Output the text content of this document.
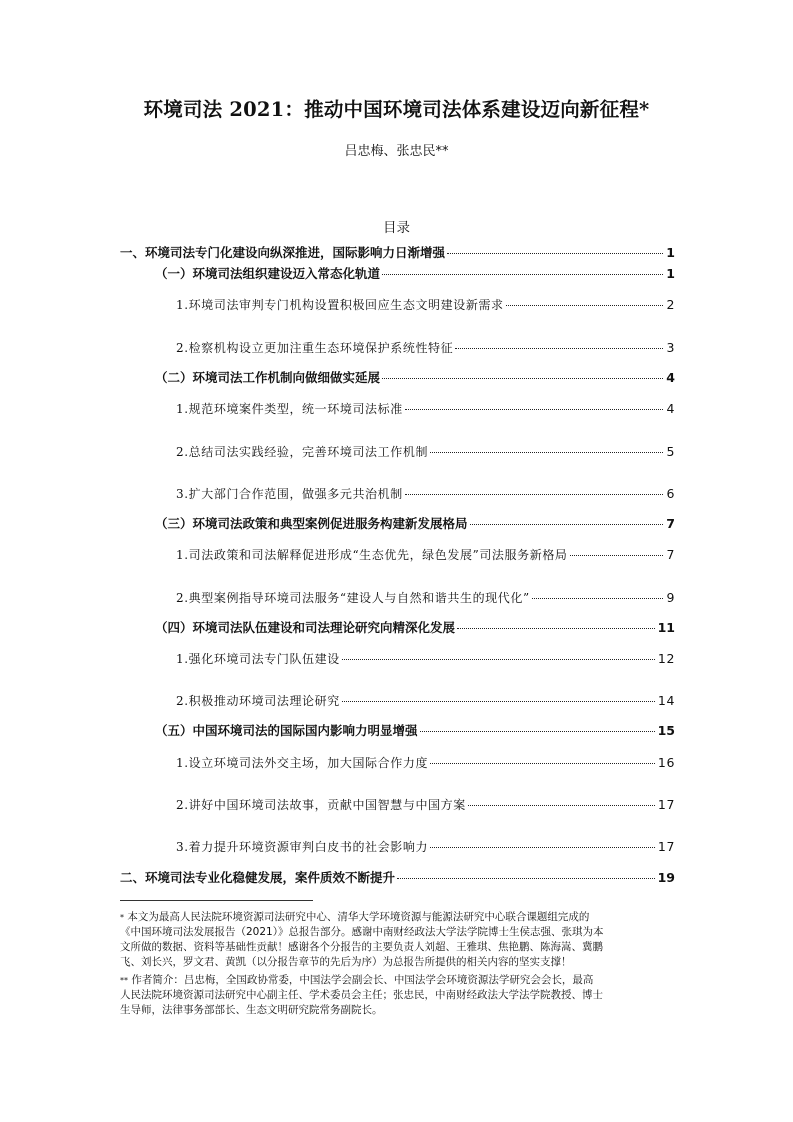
环境司法 2021：推动中国环境司法体系建设迈向新征程*
吕忠梅、张忠民**
目录
一、环境司法专门化建设向纵深推进，国际影响力日渐增强	1
（一）环境司法组织建设迈入常态化轨道	1
1.环境司法审判专门机构设置积极回应生态文明建设新需求	2
2.检察机构设立更加注重生态环境保护系统性特征	3
（二）环境司法工作机制向做细做实延展	4
1.规范环境案件类型，统一环境司法标准	4
2.总结司法实践经验，完善环境司法工作机制	5
3.扩大部门合作范围，做强多元共治机制	6
（三）环境司法政策和典型案例促进服务构建新发展格局	7
1.司法政策和司法解释促进形成“生态优先，绿色发展”司法服务新格局	7
2.典型案例指导环境司法服务“建设人与自然和谐共生的现代化”	9
（四）环境司法队伍建设和司法理论研究向精深化发展	11
1.强化环境司法专门队伍建设	12
2.积极推动环境司法理论研究	14
（五）中国环境司法的国际国内影响力明显增强	15
1.设立环境司法外交主场，加大国际合作力度	16
2.讲好中国环境司法故事，贡献中国智慧与中国方案	17
3.着力提升环境资源审判白皮书的社会影响力	17
二、环境司法专业化稳健发展，案件质效不断提升	19
* 本文为最高人民法院环境资源司法研究中心、清华大学环境资源与能源法研究中心联合课题组完成的
《中国环境司法发展报告（2021）》总报告部分。感谢中南财经政法大学法学院博士生侯志强、张琪为本
文所做的数据、资料等基础性贡献！感谢各个分报告的主要负责人刘超、王雅琪、焦艳鹏、陈海嵩、冀鹏
飞、刘长兴，罗文君、黄凯（以分报告章节的先后为序）为总报告所提供的相关内容的坚实支撑！
** 作者简介：吕忠梅，全国政协常委，中国法学会副会长、中国法学会环境资源法学研究会会长，最高
人民法院环境资源司法研究中心副主任、学术委员会主任；张忠民，中南财经政法大学法学院教授、博士
生导师，法律事务部部长、生态文明研究院常务副院长。
